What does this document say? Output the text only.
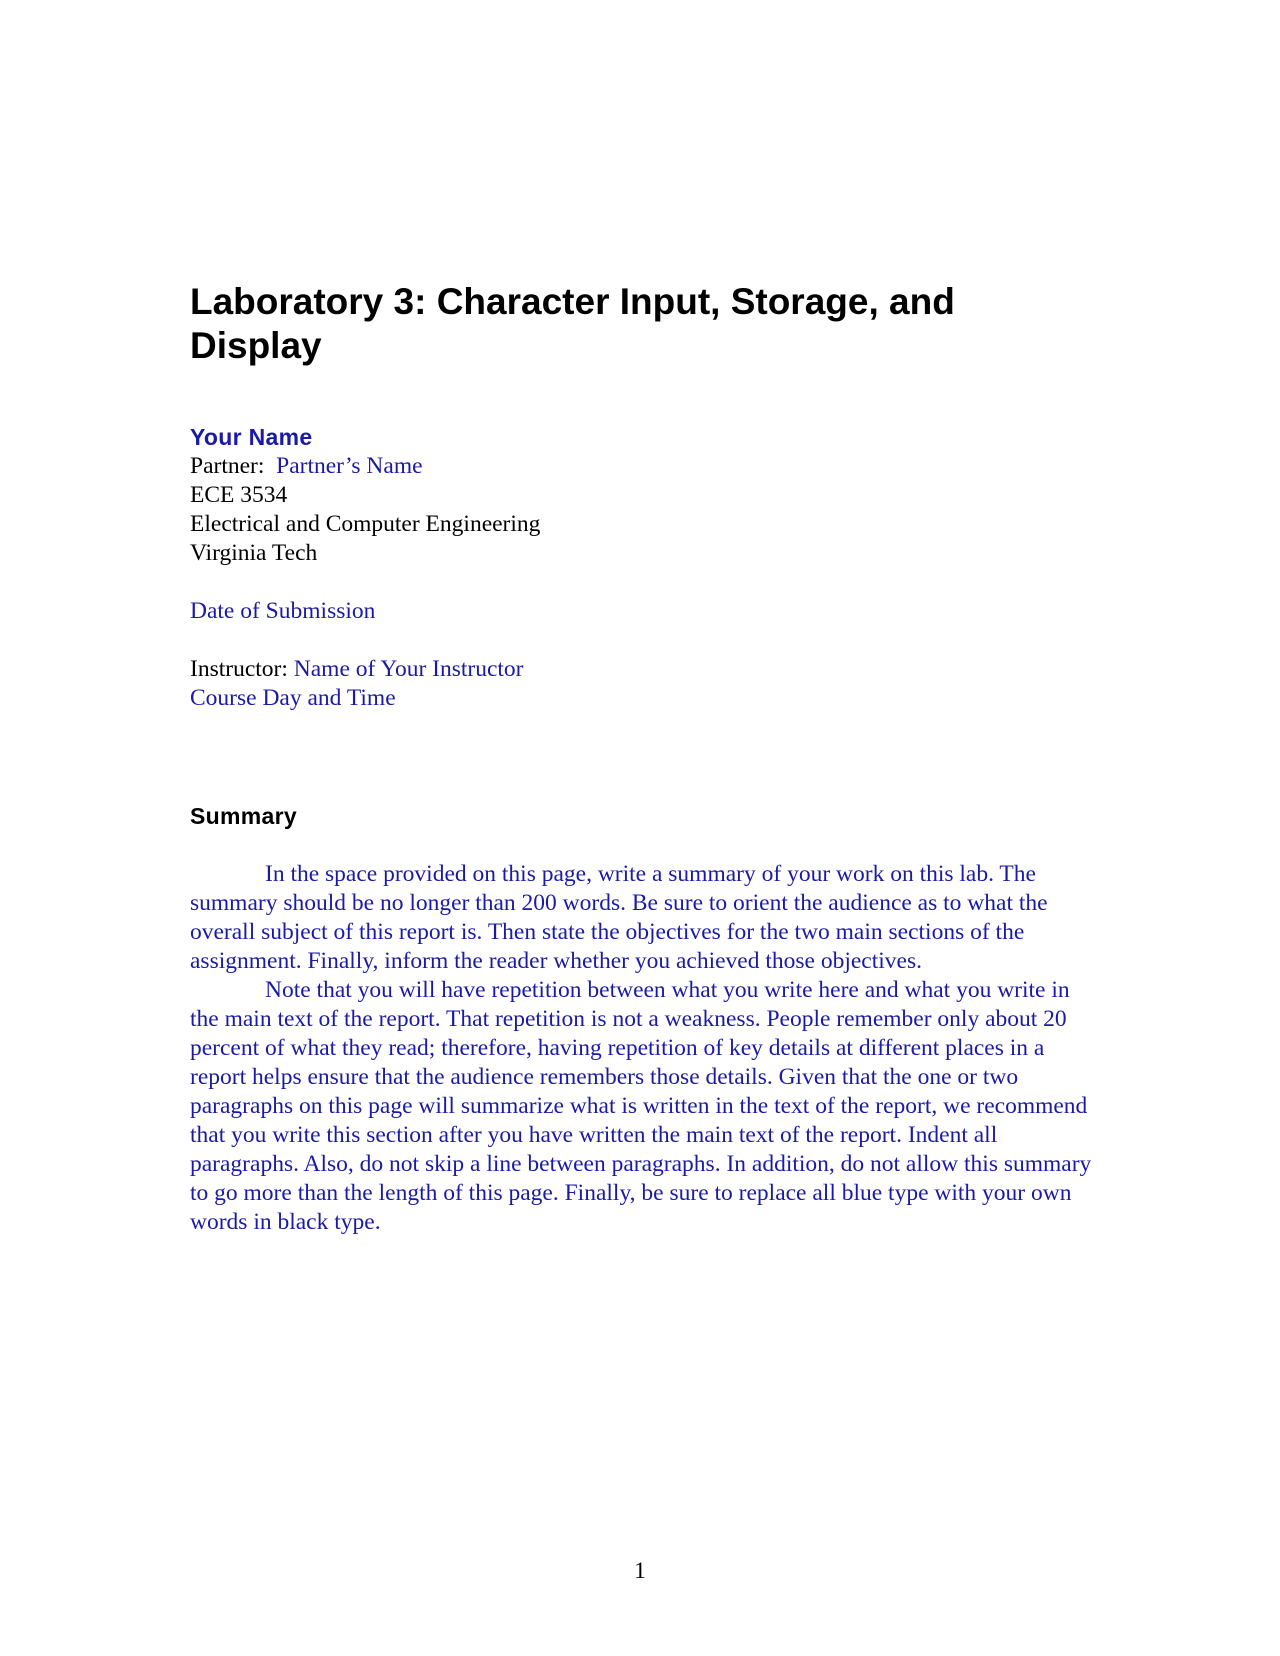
Laboratory 3: Character Input, Storage, and Display
Your Name
Partner: Partner’s Name
ECE 3534
Electrical and Computer Engineering
Virginia Tech
Date of Submission
Instructor: Name of Your Instructor
Course Day and Time
Summary

In the space provided on this page, write a summary of your work on this lab. The summary should be no longer than 200 words. Be sure to orient the audience as to what the overall subject of this report is. Then state the objectives for the two main sections of the assignment. Finally, inform the reader whether you achieved those objectives.

Note that you will have repetition between what you write here and what you write in the main text of the report. That repetition is not a weakness. People remember only about 20 percent of what they read; therefore, having repetition of key details at different places in a report helps ensure that the audience remembers those details. Given that the one or two paragraphs on this page will summarize what is written in the text of the report, we recommend that you write this section after you have written the main text of the report. Indent all paragraphs. Also, do not skip a line between paragraphs. In addition, do not allow this summary to go more than the length of this page. Finally, be sure to replace all blue type with your own words in black type.

1
